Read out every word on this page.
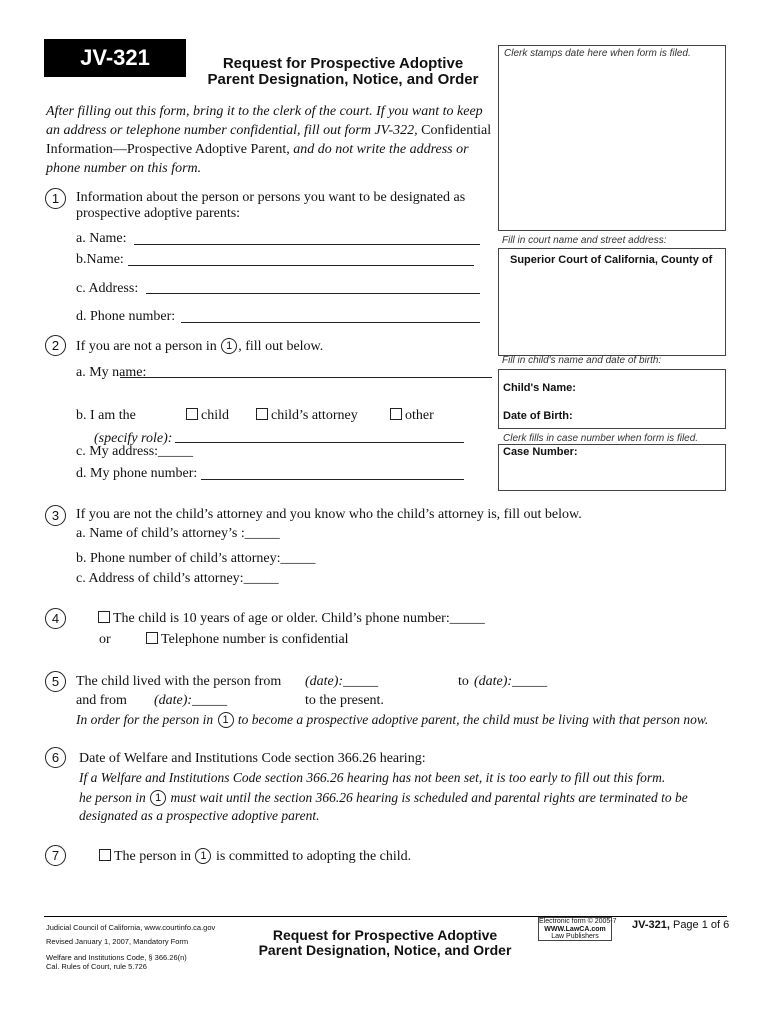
JV-321	Request for Prospective Adoptive
Parent Designation, Notice, and Order
Clerk stamps date here when form is filed.
Fill in court name and street address:
Superior Court of California, County of
Fill in child's name and date of birth:
Child's Name:
Date of Birth:
Clerk fills in case number when form is filed.
Case Number:
After filling out this form, bring it to the clerk of the court. If you want to keep
an address or telephone number confidential, fill out form JV-322, Confidential
Information—Prospective Adoptive Parent, and do not write the address or
phone number on this form.
1	Information about the person or persons you want to be designated as
prospective adoptive parents:
a. Name:
b.Name:
c. Address:
d. Phone number:
2	If you are not a person in 1 , fill out below.
a. My name:
b. I am the	child	child’s attorney	other
(specify role):
c. My address:_____
d. My phone number:
3	If you are not the child’s attorney and you know who the child’s attorney is, fill out below.
a. Name of child’s attorney’s :_____
b. Phone number of child’s attorney:_____
c. Address of child’s attorney:_____
4	The child is 10 years of age or older. Child’s phone number:_____
or	Telephone number is confidential
5	The child lived with the person from (date):_____	to (date):_____
and from (date):_____	to the present.
In order for the person in 1 to become a prospective adoptive parent, the child must be living with that person now.
6	Date of Welfare and Institutions Code section 366.26 hearing:
If a Welfare and Institutions Code section 366.26 hearing has not been set, it is too early to fill out this form.
he person in 1 must wait until the section 366.26 hearing is scheduled and parental rights are terminated to be
designated as a prospective adoptive parent.
7	The person in 1 is committed to adopting the child.
Judicial Council of California, www.courtinfo.ca.gov
Revised January 1, 2007, Mandatory Form
Welfare and Institutions Code, § 366.26(n)
Cal. Rules of Court, rule 5.726
Request for Prospective Adoptive
Parent Designation, Notice, and Order
Electronic form © 2005-7
WWW.LawCA.com
Law Publishers
JV-321, Page 1 of 6
